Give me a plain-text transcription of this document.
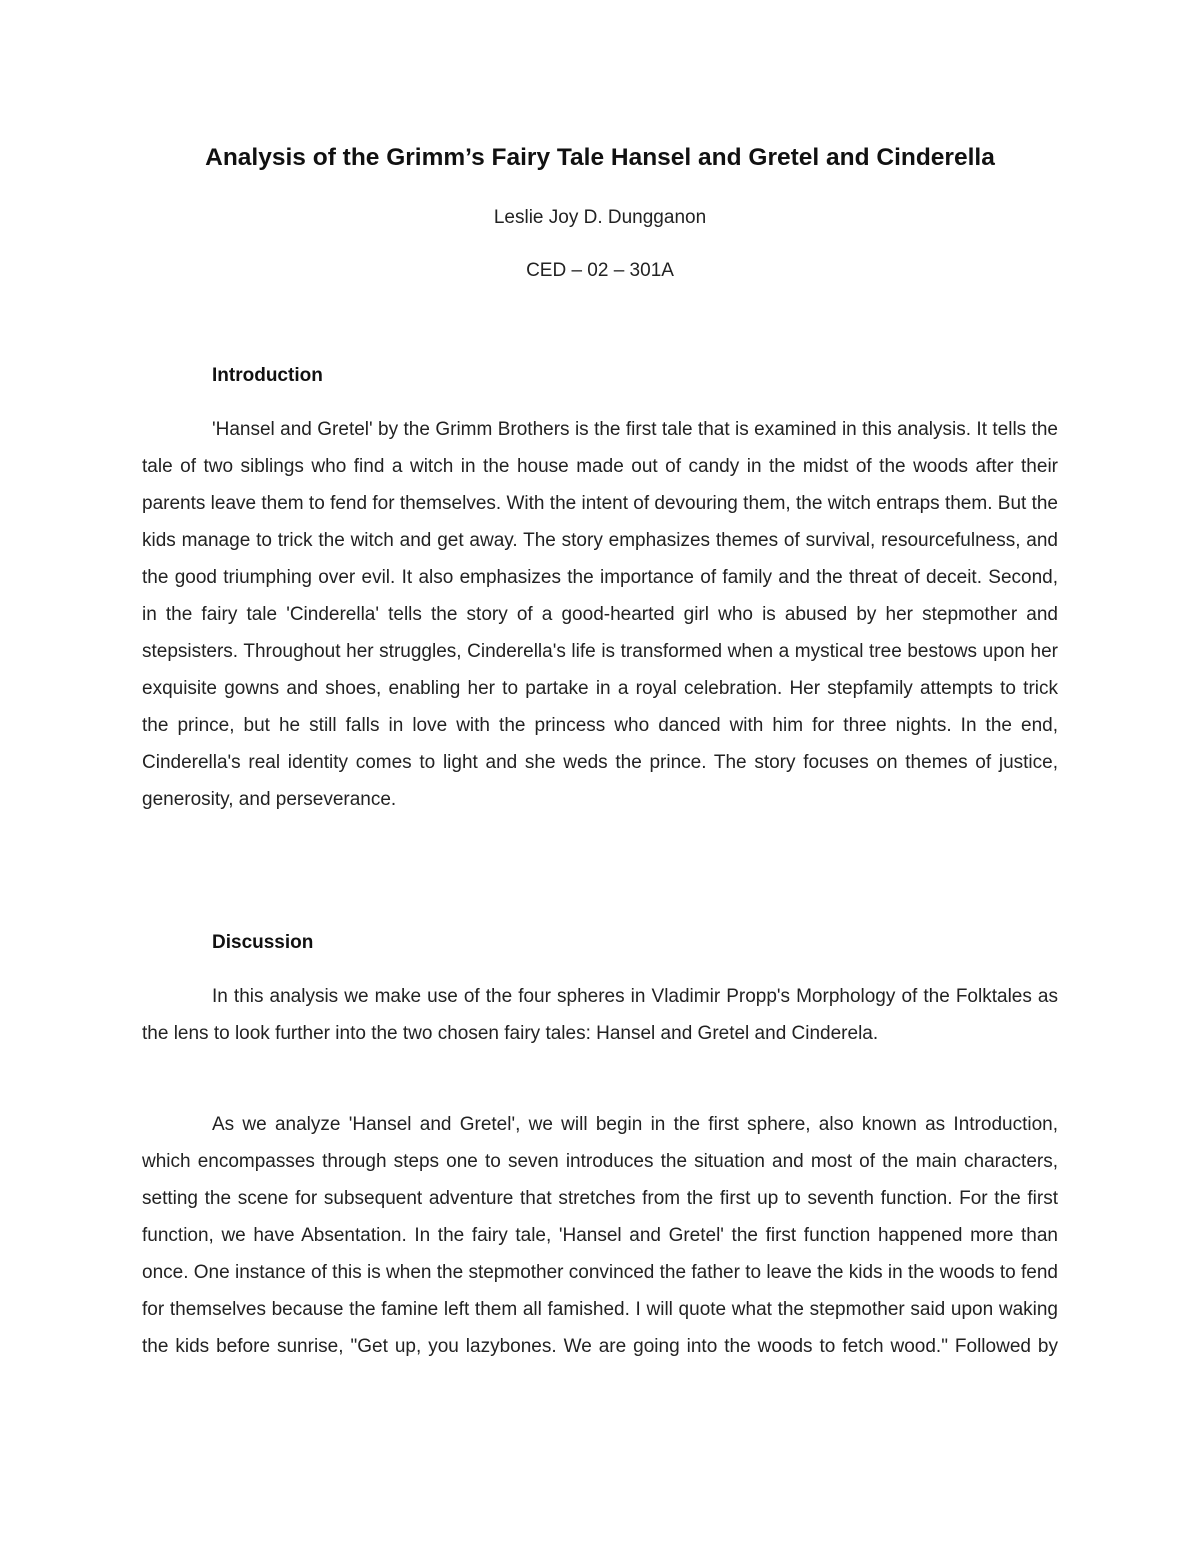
Analysis of the Grimm’s Fairy Tale Hansel and Gretel and Cinderella
Leslie Joy D. Dungganon
CED – 02 – 301A
Introduction

'Hansel and Gretel' by the Grimm Brothers is the first tale that is examined in this analysis. It tells the tale of two siblings who find a witch in the house made out of candy in the midst of the woods after their parents leave them to fend for themselves. With the intent of devouring them, the witch entraps them. But the kids manage to trick the witch and get away. The story emphasizes themes of survival, resourcefulness, and the good triumphing over evil. It also emphasizes the importance of family and the threat of deceit. Second, in the fairy tale 'Cinderella' tells the story of a good-hearted girl who is abused by her stepmother and stepsisters. Throughout her struggles, Cinderella's life is transformed when a mystical tree bestows upon her exquisite gowns and shoes, enabling her to partake in a royal celebration. Her stepfamily attempts to trick the prince, but he still falls in love with the princess who danced with him for three nights. In the end, Cinderella's real identity comes to light and she weds the prince. The story focuses on themes of justice, generosity, and perseverance.

Discussion

In this analysis we make use of the four spheres in Vladimir Propp's Morphology of the Folktales as the lens to look further into the two chosen fairy tales: Hansel and Gretel and Cinderela.

As we analyze 'Hansel and Gretel', we will begin in the first sphere, also known as Introduction, which encompasses through steps one to seven introduces the situation and most of the main characters, setting the scene for subsequent adventure that stretches from the first up to seventh function. For the first function, we have Absentation. In the fairy tale, 'Hansel and Gretel' the first function happened more than once. One instance of this is when the stepmother convinced the father to leave the kids in the woods to fend for themselves because the famine left them all famished. I will quote what the stepmother said upon waking the kids before sunrise, "Get up, you lazybones. We are going into the woods to fetch wood." Followed by
